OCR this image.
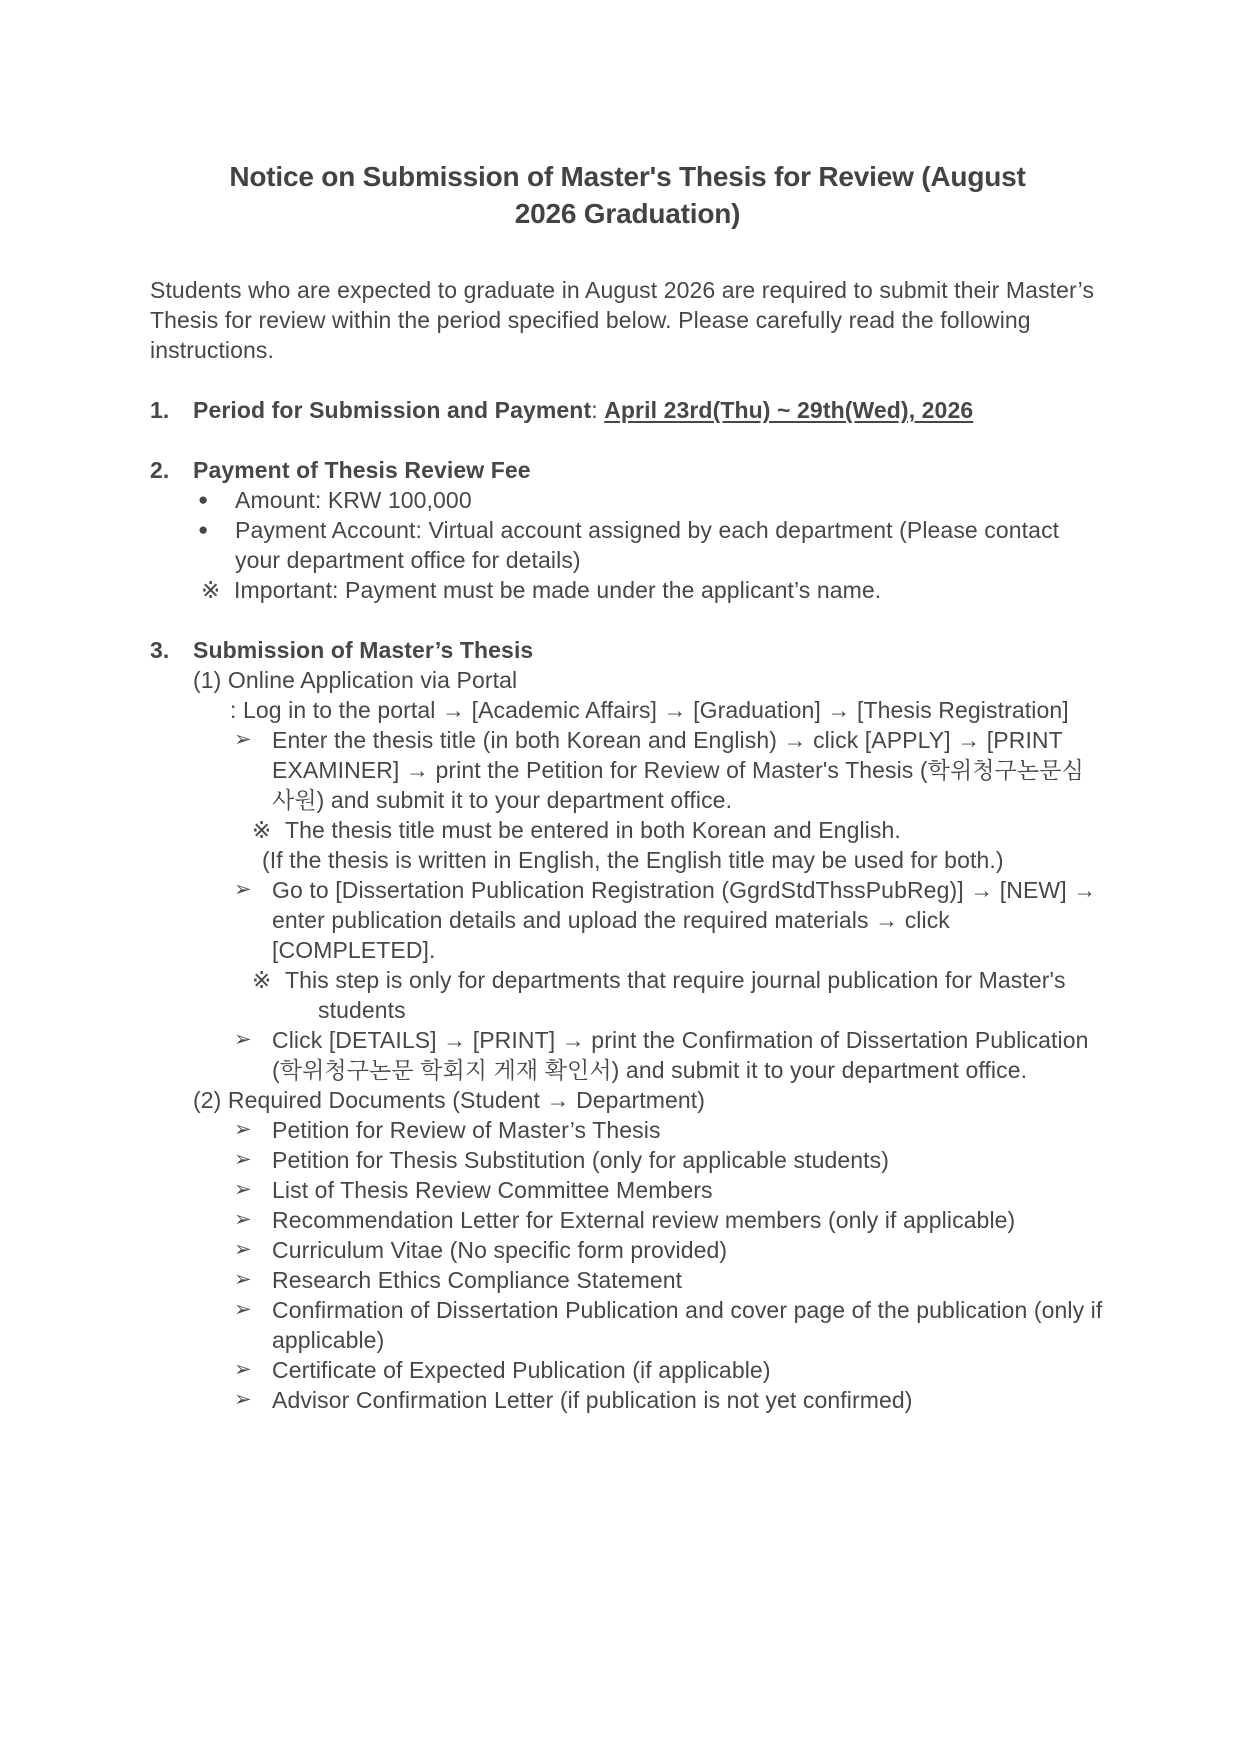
Notice on Submission of Master's Thesis for Review (August 2026 Graduation)

Students who are expected to graduate in August 2026 are required to submit their Master’s Thesis for review within the period specified below. Please carefully read the following instructions.

1.	Period for Submission and Payment: April 23rd(Thu) ~ 29th(Wed), 2026
2.	Payment of Thesis Review Fee
●	Amount: KRW 100,000
●	Payment Account: Virtual account assigned by each department (Please contact your department office for details)
※ Important: Payment must be made under the applicant’s name.
3.	Submission of Master’s Thesis
(1) Online Application via Portal
: Log in to the portal → [Academic Affairs] → [Graduation] → [Thesis Registration]
➢ Enter the thesis title (in both Korean and English) → click [APPLY] → [PRINT EXAMINER] → print the Petition for Review of Master's Thesis (학위청구논문심사원) and submit it to your department office.
※ The thesis title must be entered in both Korean and English.
(If the thesis is written in English, the English title may be used for both.)
➢ Go to [Dissertation Publication Registration (GgrdStdThssPubReg)] → [NEW] → enter publication details and upload the required materials → click [COMPLETED].
※ This step is only for departments that require journal publication for Master's students
➢ Click [DETAILS] → [PRINT] → print the Confirmation of Dissertation Publication (학위청구논문 학회지 게재 확인서) and submit it to your department office.
(2) Required Documents (Student → Department)
➢ Petition for Review of Master’s Thesis
➢ Petition for Thesis Substitution (only for applicable students)
➢ List of Thesis Review Committee Members
➢ Recommendation Letter for External review members (only if applicable)
➢ Curriculum Vitae (No specific form provided)
➢ Research Ethics Compliance Statement
➢ Confirmation of Dissertation Publication and cover page of the publication (only if applicable)
➢ Certificate of Expected Publication (if applicable)
➢ Advisor Confirmation Letter (if publication is not yet confirmed)
